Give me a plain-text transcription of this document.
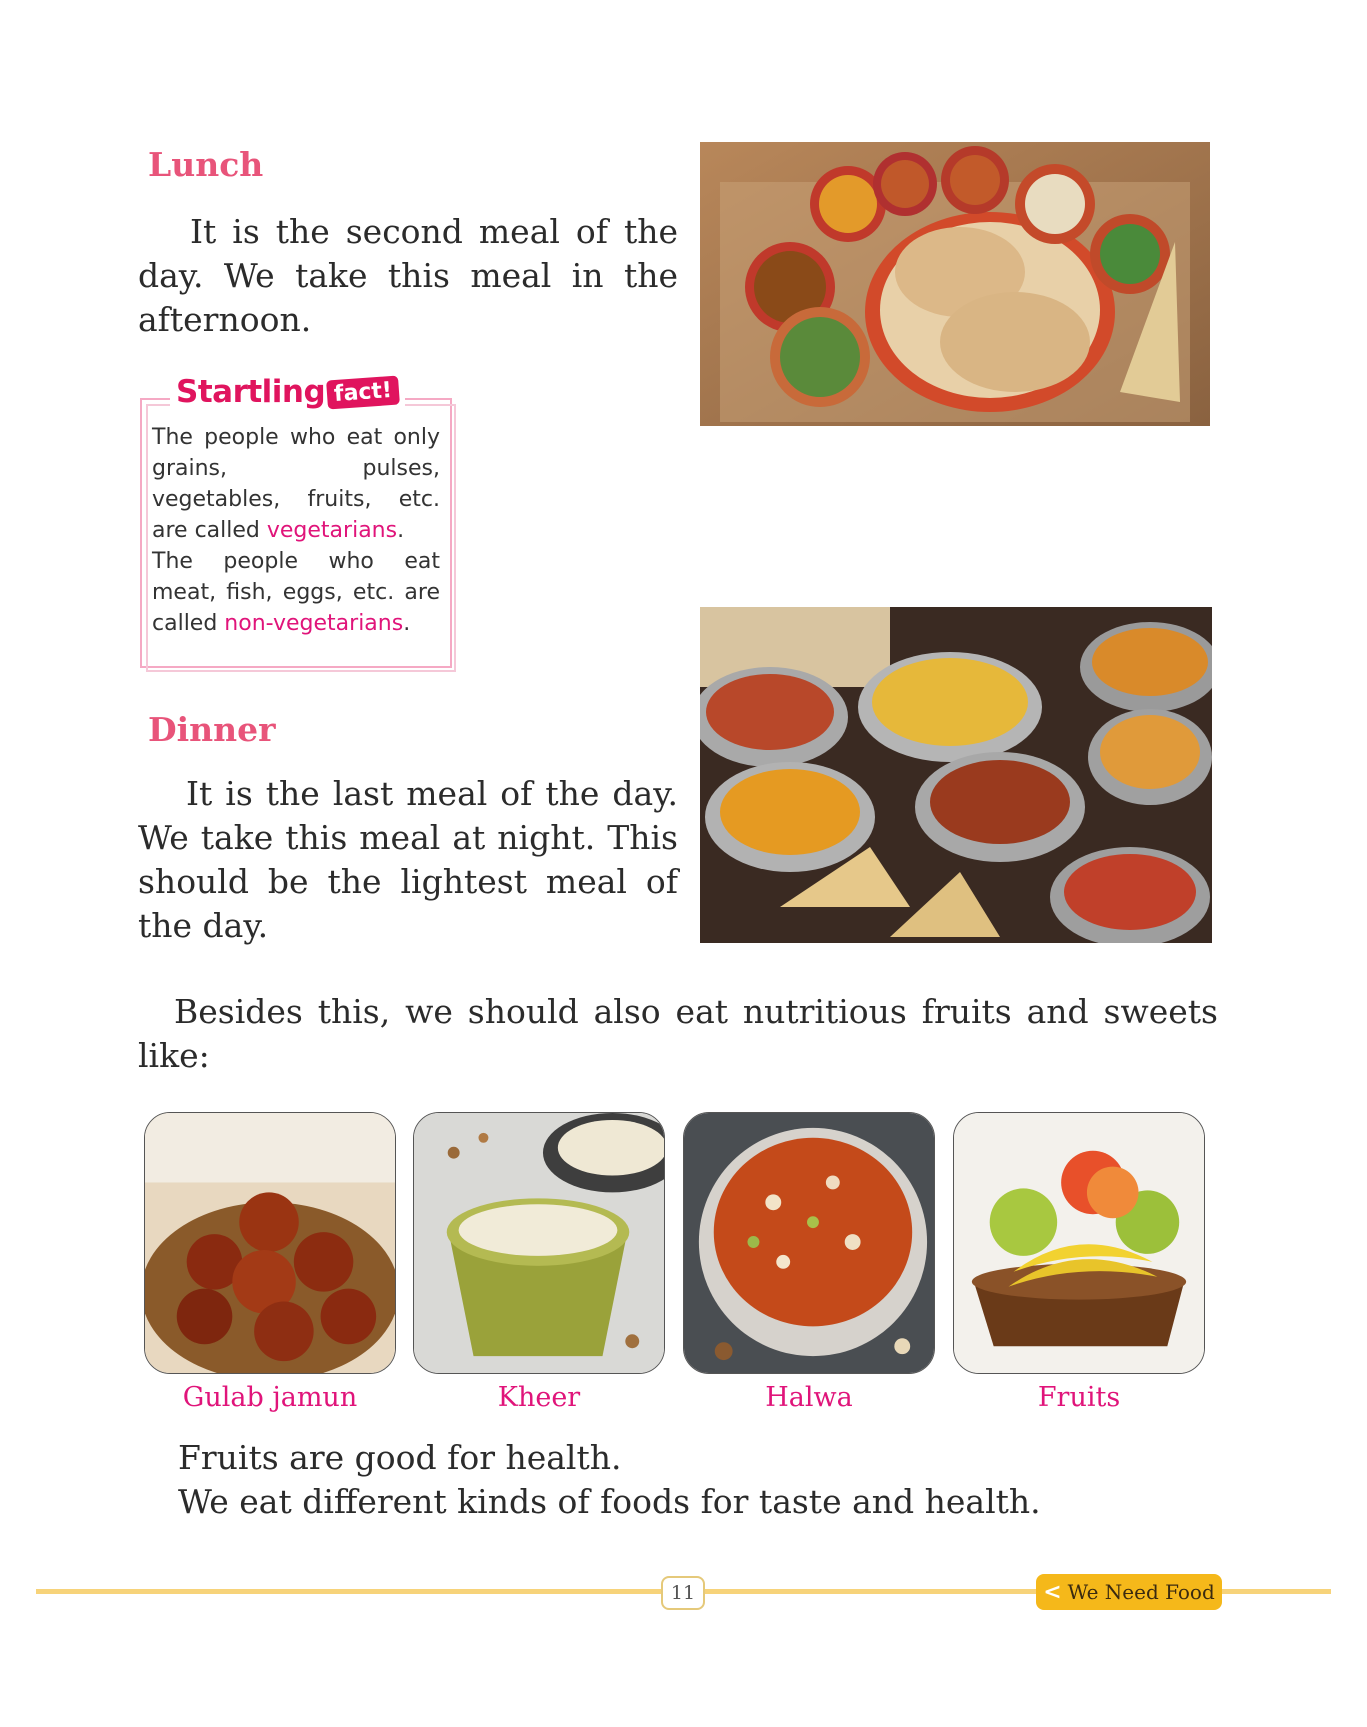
Lunch

It is the second meal of the day. We take this meal in the afternoon.

Startling fact!

The people who eat only grains, pulses, vegetables, fruits, etc. are called vegetarians.

The people who eat meat, fish, eggs, etc. are called non-vegetarians.

Dinner

It is the last meal of the day. We take this meal at night. This should be the lightest meal of the day.

Besides this, we should also eat nutritious fruits and sweets like:

Gulab jamun	Kheer	Halwa	Fruits

Fruits are good for health.

We eat different kinds of foods for taste and health.

11	< We Need Food
